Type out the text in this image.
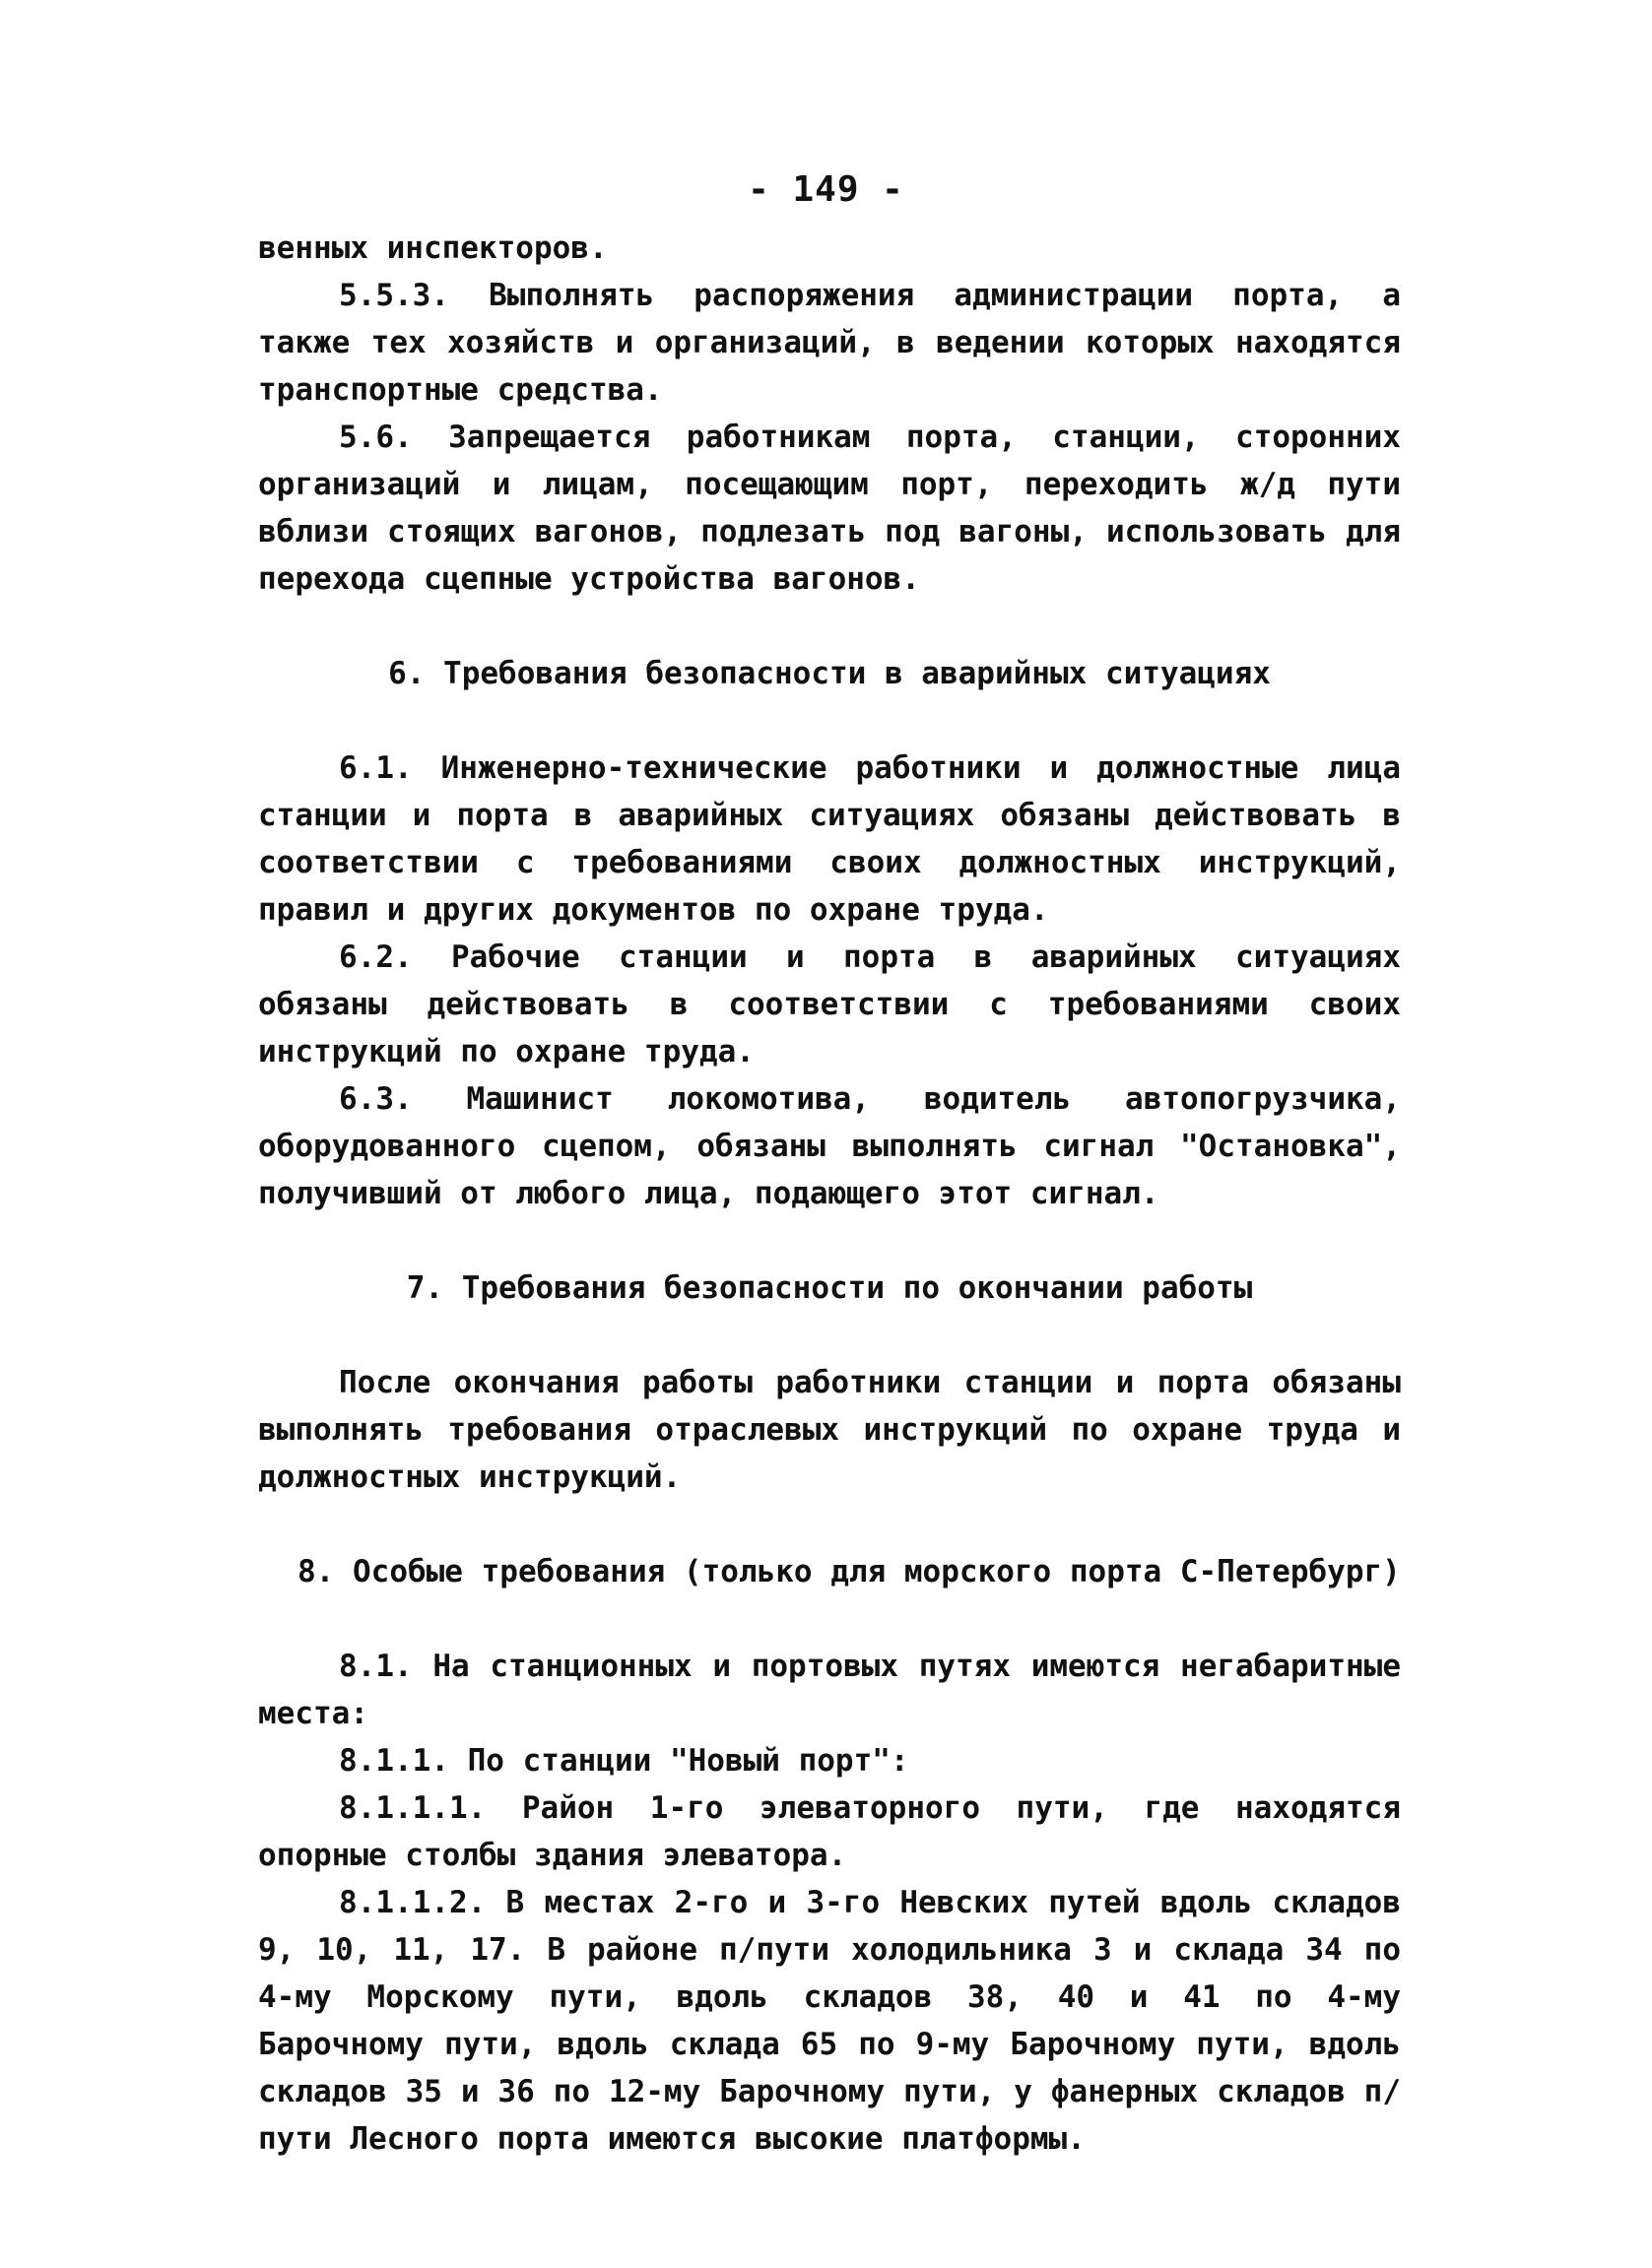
- 149 -

венных инспекторов.

5.5.3. Выполнять распоряжения администрации порта, а также тех хозяйств и организаций, в ведении которых находятся транспортные средства.

5.6. Запрещается работникам порта, станции, сторонних организаций и лицам, посещающим порт, переходить ж/д пути вблизи стоящих вагонов, подлезать под вагоны, использовать для перехода сцепные устройства вагонов.

6. Требования безопасности в аварийных ситуациях

6.1. Инженерно-технические работники и должностные лица станции и порта в аварийных ситуациях обязаны действовать в соответствии с требованиями своих должностных инструкций, правил и других документов по охране труда.

6.2. Рабочие станции и порта в аварийных ситуациях обязаны действовать в соответствии с требованиями своих инструкций по охране труда.

6.3. Машинист локомотива, водитель автопогрузчика, оборудованного сцепом, обязаны выполнять сигнал "Остановка", получивший от любого лица, подающего этот сигнал.

7. Требования безопасности по окончании работы

После окончания работы работники станции и порта обязаны выполнять требования отраслевых инструкций по охране труда и должностных инструкций.

8. Особые требования (только для морского порта С-Петербург)

8.1. На станционных и портовых путях имеются негабаритные места:

8.1.1. По станции "Новый порт":

8.1.1.1. Район 1-го элеваторного пути, где находятся опорные столбы здания элеватора.

8.1.1.2. В местах 2-го и 3-го Невских путей вдоль складов 9, 10, 11, 17. В районе п/пути холодильника 3 и склада 34 по 4-му Морскому пути, вдоль складов 38, 40 и 41 по 4-му Барочному пути, вдоль склада 65 по 9-му Барочному пути, вдоль складов 35 и 36 по 12-му Барочному пути, у фанерных складов п/пути Лесного порта имеются высокие платформы.
